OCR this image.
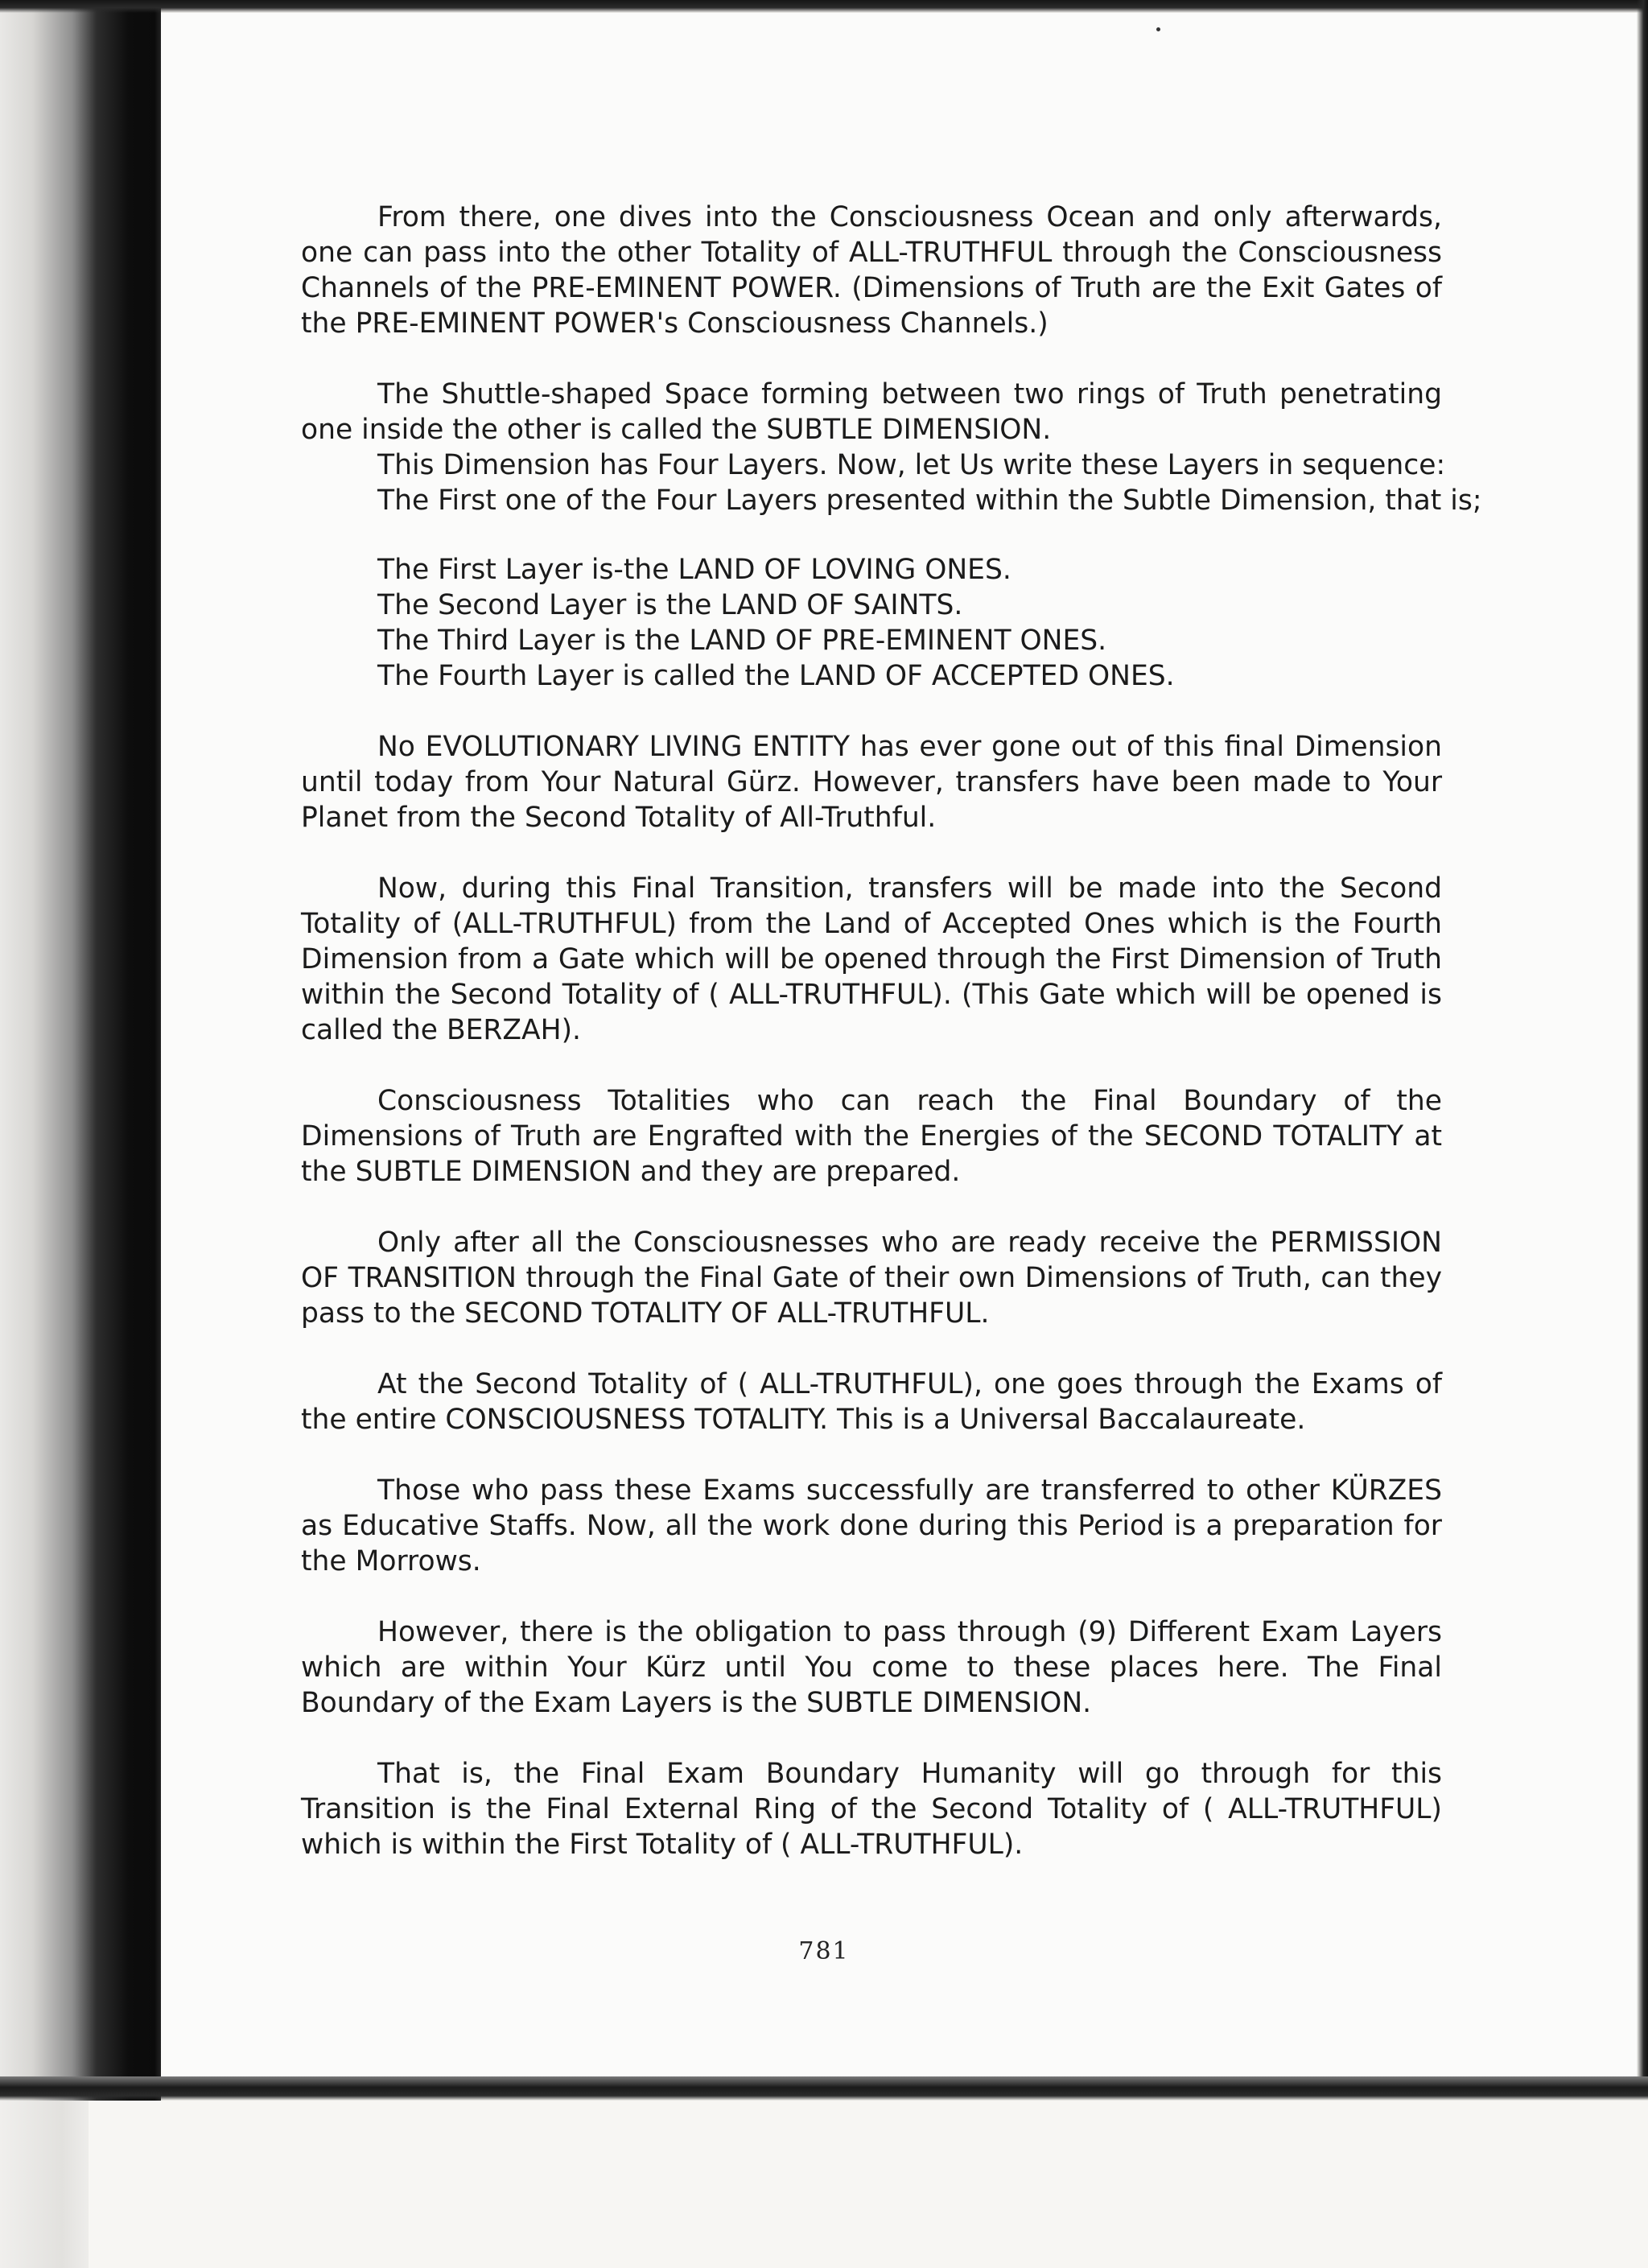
From there, one dives into the Consciousness Ocean and only afterwards, one can pass into the other Totality of ALL-TRUTHFUL through the Consciousness Channels of the PRE-EMINENT POWER. (Dimensions of Truth are the Exit Gates of the PRE-EMINENT POWER's Consciousness Channels.)

The Shuttle-shaped Space forming between two rings of Truth penetrating one inside the other is called the SUBTLE DIMENSION.

This Dimension has Four Layers. Now, let Us write these Layers in sequence:

The First one of the Four Layers presented within the Subtle Dimension, that is;

The First Layer is-the LAND OF LOVING ONES.

The Second Layer is the LAND OF SAINTS.

The Third Layer is the LAND OF PRE-EMINENT ONES.

The Fourth Layer is called the LAND OF ACCEPTED ONES.

No EVOLUTIONARY LIVING ENTITY has ever gone out of this final Dimension until today from Your Natural Gürz. However, transfers have been made to Your Planet from the Second Totality of All-Truthful.

Now, during this Final Transition, transfers will be made into the Second Totality of (ALL-TRUTHFUL) from the Land of Accepted Ones which is the Fourth Dimension from a Gate which will be opened through the First Dimension of Truth within the Second Totality of ( ALL-TRUTHFUL). (This Gate which will be opened is called the BERZAH).

Consciousness Totalities who can reach the Final Boundary of the Dimensions of Truth are Engrafted with the Energies of the SECOND TOTALITY at the SUBTLE DIMENSION and they are prepared.

Only after all the Consciousnesses who are ready receive the PERMISSION OF TRANSITION through the Final Gate of their own Dimensions of Truth, can they pass to the SECOND TOTALITY OF ALL-TRUTHFUL.

At the Second Totality of ( ALL-TRUTHFUL), one goes through the Exams of the entire CONSCIOUSNESS TOTALITY. This is a Universal Baccalaureate.

Those who pass these Exams successfully are transferred to other KÜRZES as Educative Staffs. Now, all the work done during this Period is a preparation for the Morrows.

However, there is the obligation to pass through (9) Different Exam Layers which are within Your Kürz until You come to these places here. The Final Boundary of the Exam Layers is the SUBTLE DIMENSION.

That is, the Final Exam Boundary Humanity will go through for this Transition is the Final External Ring of the Second Totality of ( ALL-TRUTHFUL) which is within the First Totality of ( ALL-TRUTHFUL).

781
